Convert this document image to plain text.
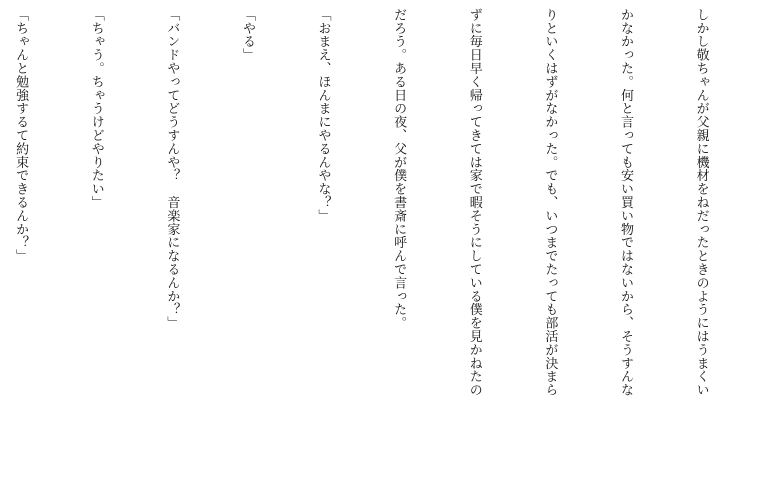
しかし敬ちゃんが父親に機材をねだったときのようにはうまくい

かなかった。何と言っても安い買い物ではないから、そうすんな

りといくはずがなかった。でも、いつまでたっても部活が決まら

ずに毎日早く帰ってきては家で暇そうにしている僕を見かねたの

だろう。ある日の夜、父が僕を書斎に呼んで言った。

「おまえ、ほんまにやるんやな？」

「やる」

「バンドやってどうすんや？　音楽家になるんか？」

「ちゃう。ちゃうけどやりたい」

「ちゃんと勉強するて約束できるんか？」
